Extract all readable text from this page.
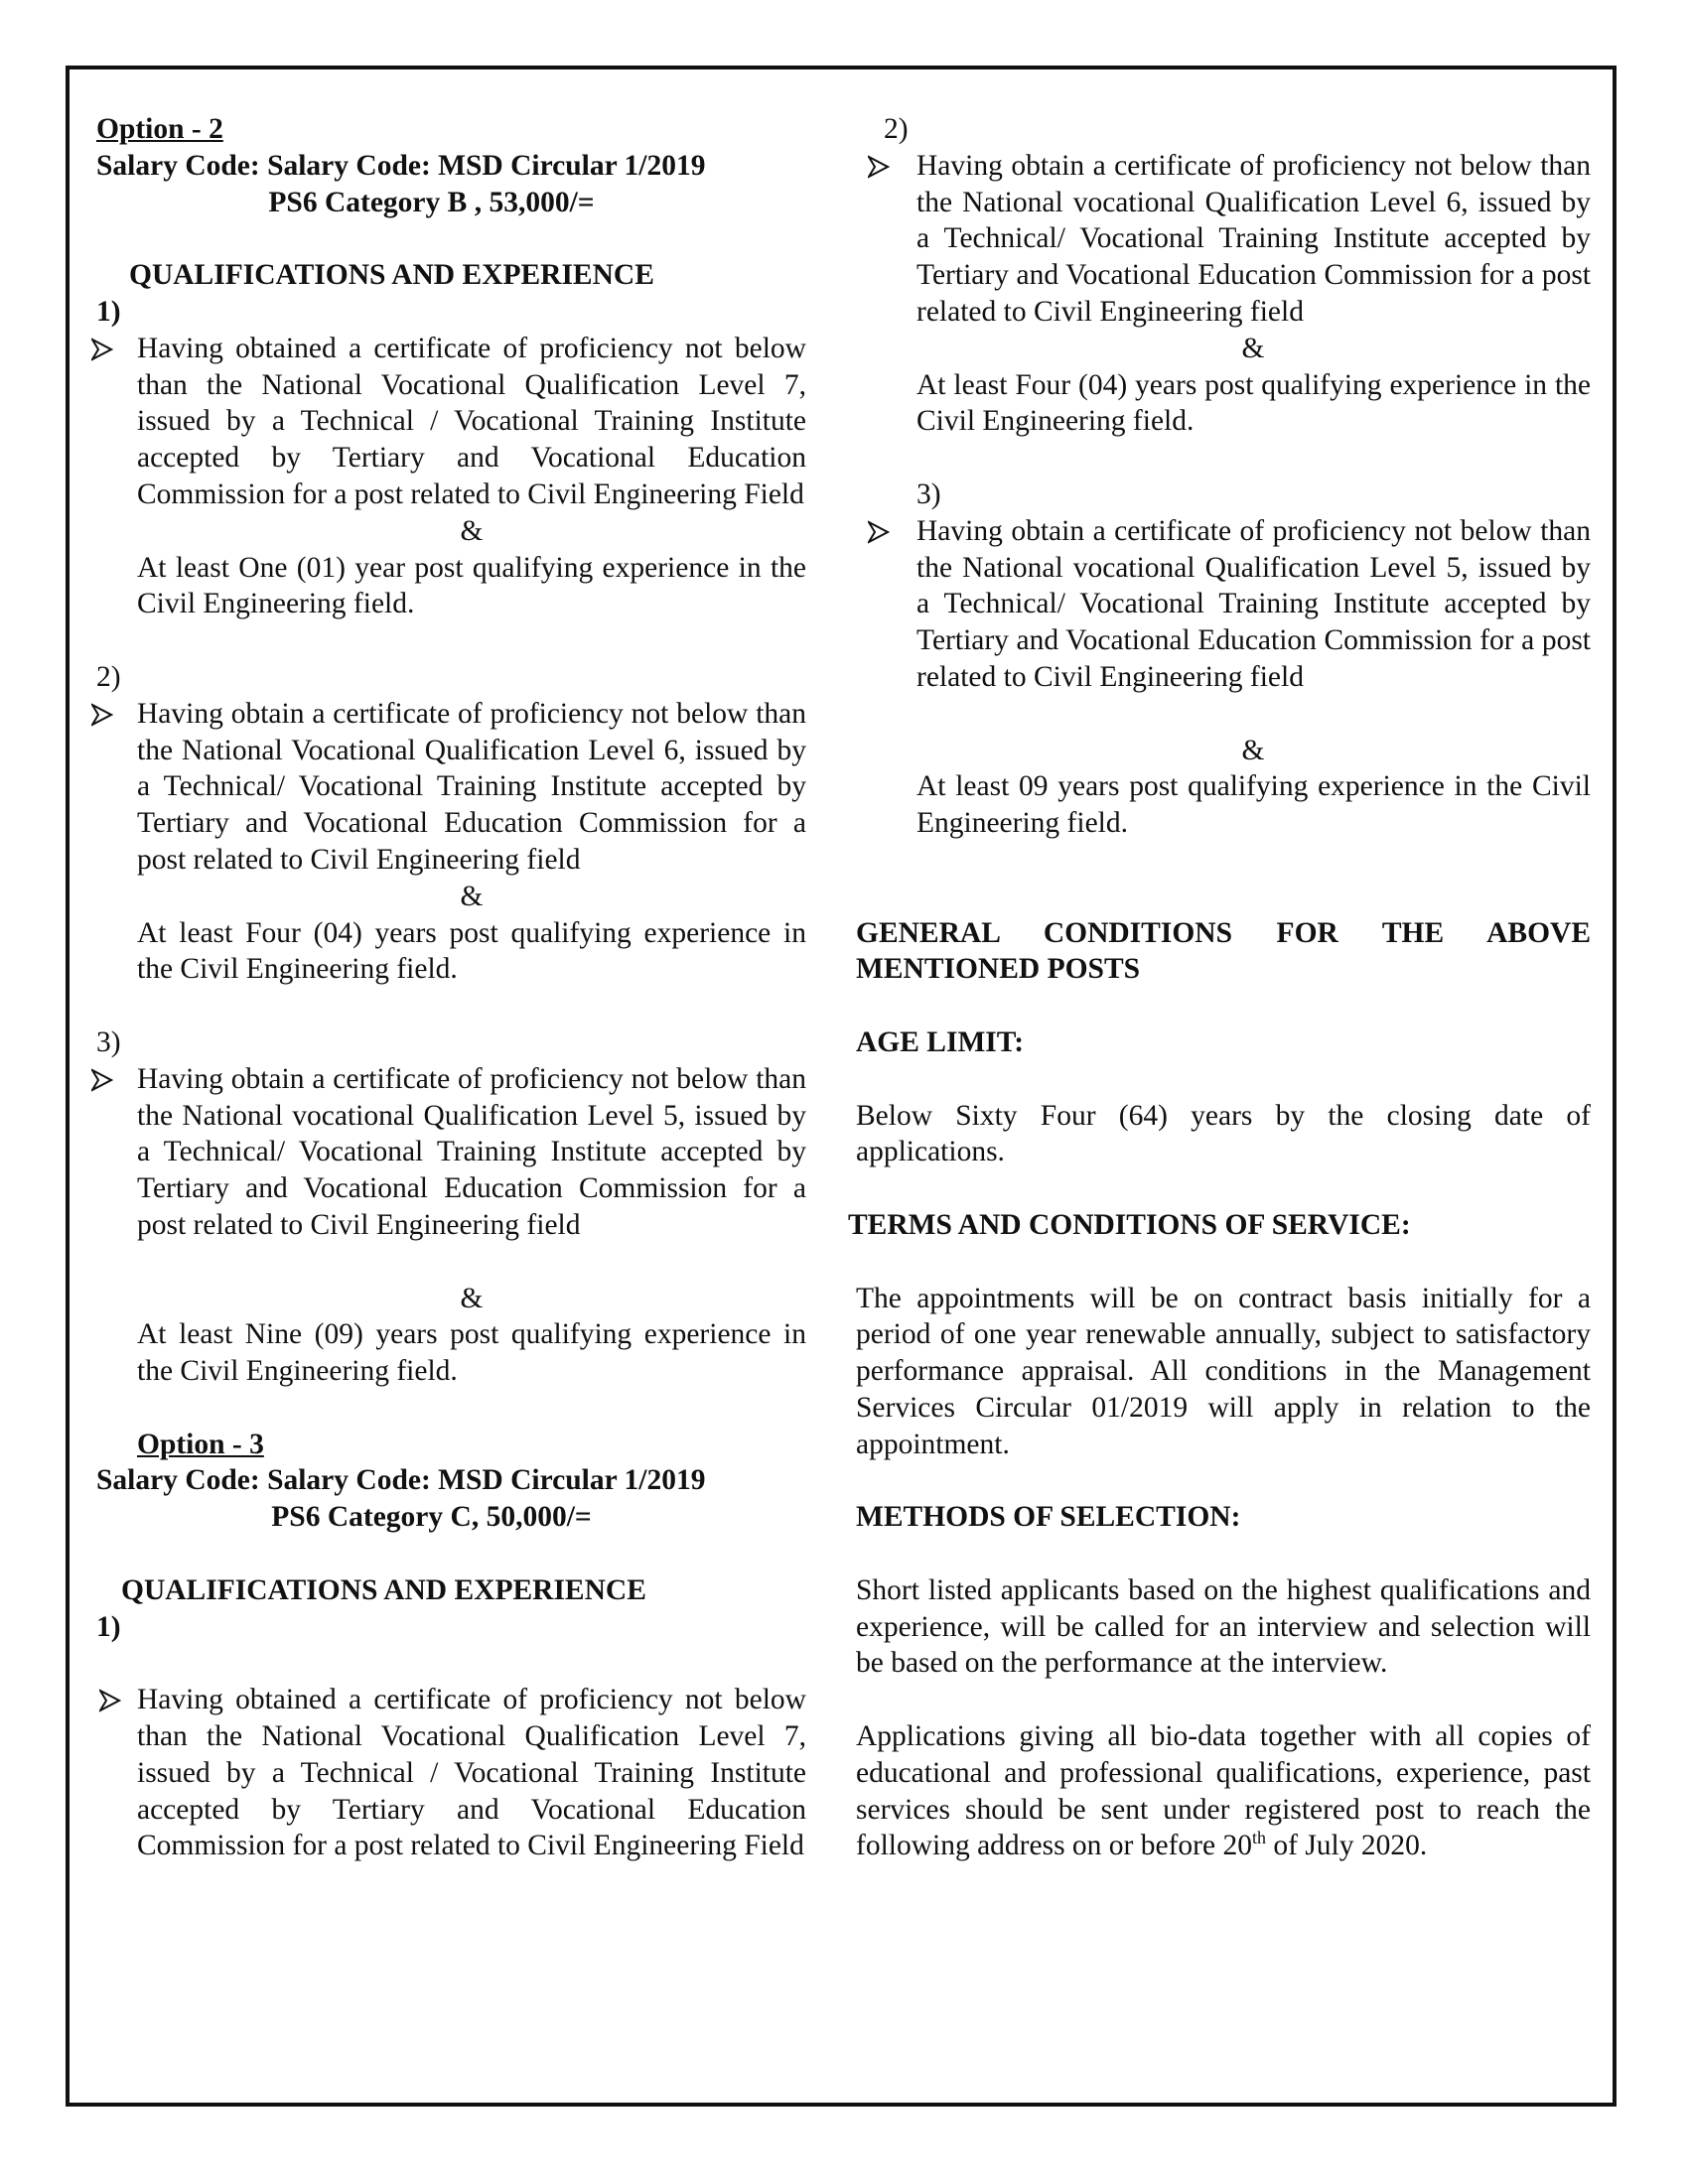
Option - 2

Salary Code: Salary Code: MSD Circular 1/2019

PS6 Category B , 53,000/=

QUALIFICATIONS AND EXPERIENCE

1)

Having obtained a certificate of proficiency not below than the National Vocational Qualification Level 7, issued by a Technical / Vocational Training Institute accepted by Tertiary and Vocational Education Commission for a post related to Civil Engineering Field

&

At least One (01) year post qualifying experience in the Civil Engineering field.

2)

Having obtain a certificate of proficiency not below than the National Vocational Qualification Level 6, issued by a Technical/ Vocational Training Institute accepted by Tertiary and Vocational Education Commission for a post related to Civil Engineering field

&

At least Four (04) years post qualifying experience in the Civil Engineering field.

3)

Having obtain a certificate of proficiency not below than the National vocational Qualification Level 5, issued by a Technical/ Vocational Training Institute accepted by Tertiary and Vocational Education Commission for a post related to Civil Engineering field

&

At least Nine (09) years post qualifying experience in the Civil Engineering field.

Option - 3

Salary Code: Salary Code: MSD Circular 1/2019

PS6 Category C, 50,000/=

QUALIFICATIONS AND EXPERIENCE

1)

Having obtained a certificate of proficiency not below than the National Vocational Qualification Level 7, issued by a Technical / Vocational Training Institute accepted by Tertiary and Vocational Education Commission for a post related to Civil Engineering Field

2)

Having obtain a certificate of proficiency not below than the National vocational Qualification Level 6, issued by a Technical/ Vocational Training Institute accepted by Tertiary and Vocational Education Commission for a post related to Civil Engineering field

&

At least Four (04) years post qualifying experience in the Civil Engineering field.

3)

Having obtain a certificate of proficiency not below than the National vocational Qualification Level 5, issued by a Technical/ Vocational Training Institute accepted by Tertiary and Vocational Education Commission for a post related to Civil Engineering field

&

At least 09 years post qualifying experience in the Civil Engineering field.

GENERAL CONDITIONS FOR THE ABOVE MENTIONED POSTS

AGE LIMIT:

Below Sixty Four (64) years by the closing date of applications.

TERMS AND CONDITIONS OF SERVICE:

The appointments will be on contract basis initially for a period of one year renewable annually, subject to satisfactory performance appraisal. All conditions in the Management Services Circular 01/2019 will apply in relation to the appointment.

METHODS OF SELECTION:

Short listed applicants based on the highest qualifications and experience, will be called for an interview and selection will be based on the performance at the interview.

Applications giving all bio-data together with all copies of educational and professional qualifications, experience, past services should be sent under registered post to reach the following address on or before 20th of July 2020.
